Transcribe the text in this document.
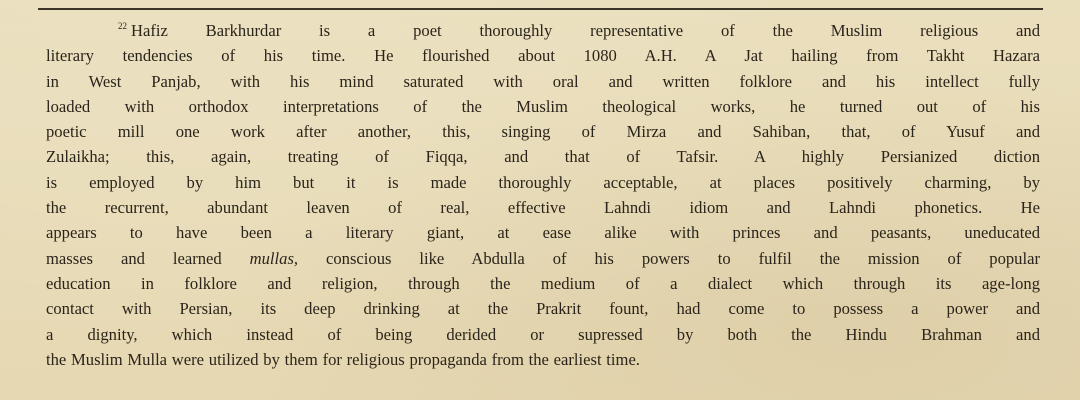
$^{22}$ Hafiz Barkhurdar is a poet thoroughly representative of the Muslim religious and
literary tendencies of his time. He flourished about 1080 A.H. A Jat hailing from Takht Hazara
in West Panjab, with his mind saturated with oral and written folklore and his intellect fully
loaded with orthodox interpretations of the Muslim theological works, he turned out of his
poetic mill one work after another, this, singing of Mirza and Sahiban, that, of Yusuf and
Zulaikha; this, again, treating of Fiqqa, and that of Tafsir. A highly Persianized diction
is employed by him but it is made thoroughly acceptable, at places positively charming, by
the recurrent, abundant leaven of real, effective Lahndi idiom and Lahndi phonetics. He
appears to have been a literary giant, at ease alike with princes and peasants, uneducated
masses and learned mullas, conscious like Abdulla of his powers to fulfil the mission of popular
education in folklore and religion, through the medium of a dialect which through its age-long
contact with Persian, its deep drinking at the Prakrit fount, had come to possess a power and
a dignity, which instead of being derided or supressed by both the Hindu Brahman and
the Muslim Mulla were utilized by them for religious propaganda from the earliest time.
